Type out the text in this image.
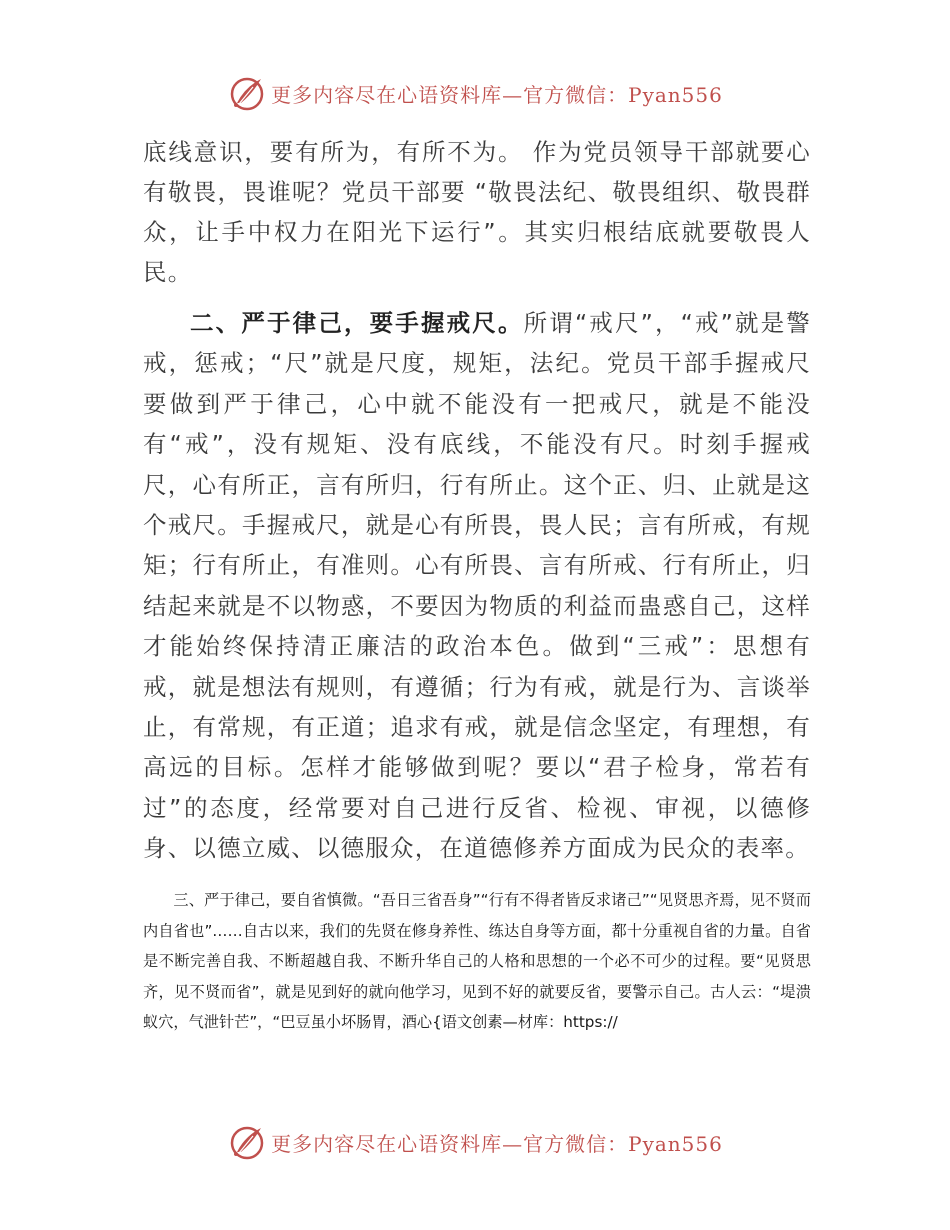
更多内容尽在心语资料库—官方微信：Pyan556
底线意识，要有所为，有所不为。 作为党员领导干部就要心有敬畏，畏谁呢？党员干部要 “敬畏法纪、敬畏组织、敬畏群众，让手中权力在阳光下运行”。其实归根结底就要敬畏人民。
二、严于律己，要手握戒尺。所谓“戒尺”，“戒”就是警戒，惩戒；“尺”就是尺度，规矩，法纪。党员干部手握戒尺要做到严于律己，心中就不能没有一把戒尺，就是不能没有“戒”，没有规矩、没有底线，不能没有尺。时刻手握戒尺，心有所正，言有所归，行有所止。这个正、归、止就是这个戒尺。手握戒尺，就是心有所畏，畏人民；言有所戒，有规矩；行有所止，有准则。心有所畏、言有所戒、行有所止，归结起来就是不以物惑，不要因为物质的利益而蛊惑自己，这样才能始终保持清正廉洁的政治本色。做到“三戒”：思想有戒，就是想法有规则，有遵循；行为有戒，就是行为、言谈举止，有常规，有正道；追求有戒，就是信念坚定，有理想，有高远的目标。怎样才能够做到呢？要以“君子检身，常若有过”的态度，经常要对自己进行反省、检视、审视，以德修身、以德立威、以德服众，在道德修养方面成为民众的表率。
三、严于律己，要自省慎微。“吾日三省吾身”“行有不得者皆反求诸己”“见贤思齐焉，见不贤而内自省也”……自古以来，我们的先贤在修身养性、练达自身等方面，都十分重视自省的力量。自省是不断完善自我、不断超越自我、不断升华自己的人格和思想的一个必不可少的过程。要“见贤思齐，见不贤而省”，就是见到好的就向他学习，见到不好的就要反省，要警示自己。古人云：“堤溃蚁穴，气泄针芒”，“巴豆虽小坏肠胃，酒心{语文创素—材库：https://
更多内容尽在心语资料库—官方微信：Pyan556
